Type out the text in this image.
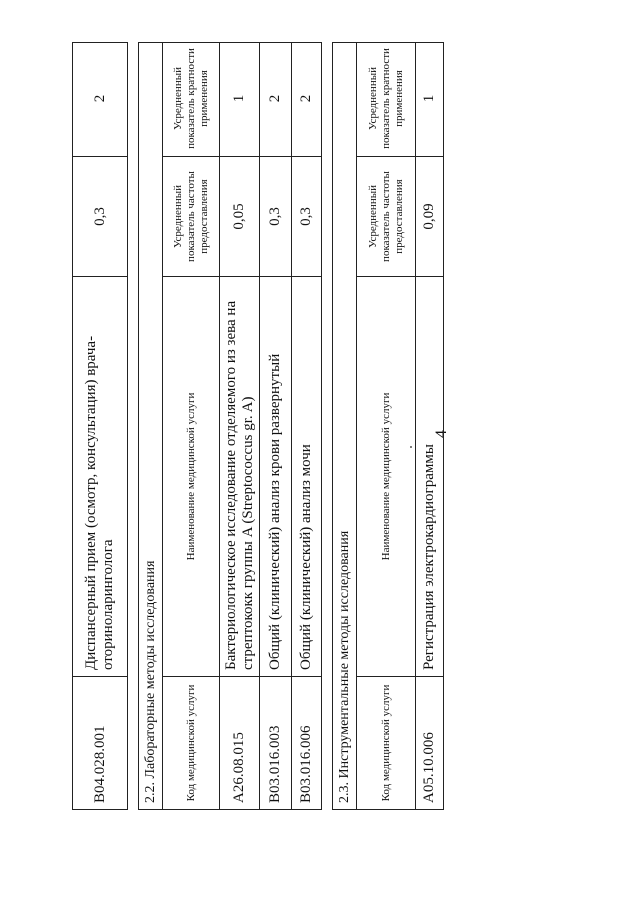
4
B04.028.001
Диспансерный прием (осмотр, консультация) врача-оториноларинголога
0,3
2
2.2. Лабораторные методы исследования	Код медицинской услуги
Наименование медицинской услуги
Усредненный показатель частоты предоставления
Усредненный показатель кратности применения
A26.08.015
Бактериологическое исследование отделяемого из зева на стрептококк группы A (Streptococcus gr. A)
0,05
1
B03.016.003
Общий (клинический) анализ крови развернутый
0,3
2
B03.016.006
Общий (клинический) анализ мочи
0,3
2
2.3. Инструментальные методы исследования	Код медицинской услуги
Наименование медицинской услуги
Усредненный показатель частоты предоставления
Усредненный показатель кратности применения
A05.10.006
Регистрация электрокардиограммы
0,09
1
